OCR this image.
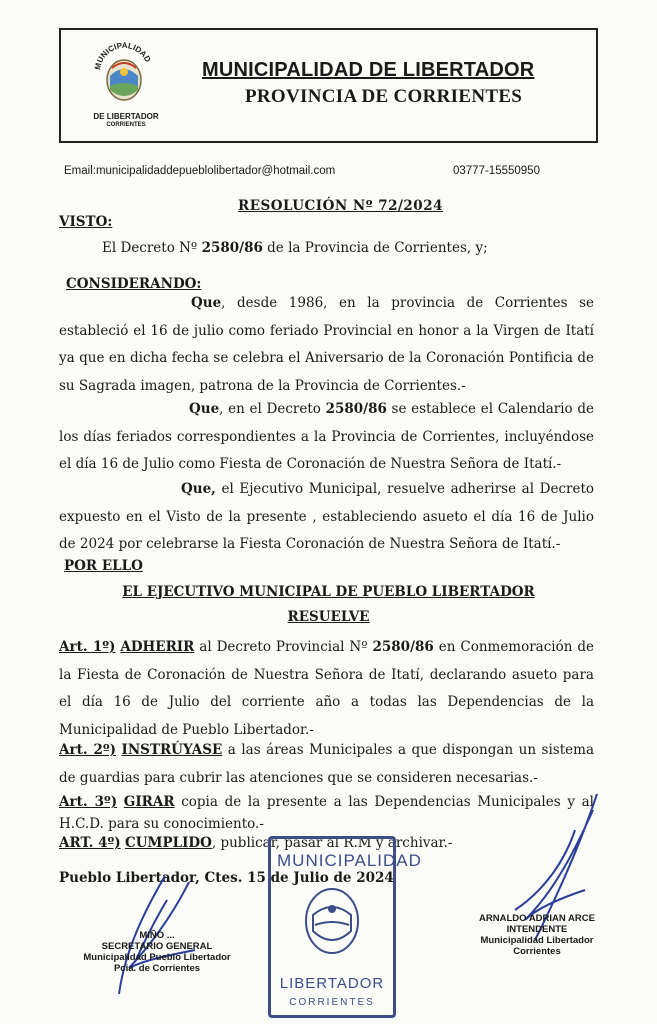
MUNICIPALIDAD
DE LIBERTADOR
CORRIENTES
MUNICIPALIDAD DE LIBERTADOR
PROVINCIA DE CORRIENTES
Email:municipalidaddepueblolibertador@hotmail.com	03777-15550950
RESOLUCIÓN Nº 72/2024
VISTO:
El Decreto Nº 2580/86 de la Provincia de Corrientes, y;
CONSIDERANDO:
Que, desde 1986, en la provincia de Corrientes se estableció el 16 de julio como feriado Provincial en honor a la Virgen de Itatí ya que en dicha fecha se celebra el Aniversario de la Coronación Pontificia de su Sagrada imagen, patrona de la Provincia de Corrientes.-
Que, en el Decreto 2580/86 se establece el Calendario de los días feriados correspondientes a la Provincia de Corrientes, incluyéndose el día 16 de Julio como Fiesta de Coronación de Nuestra Señora de Itatí.-
Que, el Ejecutivo Municipal, resuelve adherirse al Decreto expuesto en el Visto de la presente , estableciendo asueto el día 16 de Julio de 2024 por celebrarse la Fiesta Coronación de Nuestra Señora de Itatí.-
POR ELLO
EL EJECUTIVO MUNICIPAL DE PUEBLO LIBERTADOR
RESUELVE
Art. 1º) ADHERIR al Decreto Provincial Nº 2580/86 en Conmemoración de la Fiesta de Coronación de Nuestra Señora de Itatí, declarando asueto para el día 16 de Julio del corriente año a todas las Dependencias de la Municipalidad de Pueblo Libertador.-
Art. 2º) INSTRÚYASE a las áreas Municipales a que dispongan un sistema de guardias para cubrir las atenciones que se consideren necesarias.-
Art. 3º) GIRAR copia de la presente a las Dependencias Municipales y al H.C.D. para su conocimiento.-
ART. 4º) CUMPLIDO, publicar, pasar al R.M y archivar.-
Pueblo Libertador, Ctes. 15 de Julio de 2024
MUNICIPALIDAD
LIBERTADOR
CORRIENTES
MIÑO ...
SECRETARIO GENERAL
Municipalidad Pueblo Libertador
Pcia. de Corrientes
ARNALDO ADRIAN ARCE
INTENDENTE
Municipalidad Libertador
Corrientes
